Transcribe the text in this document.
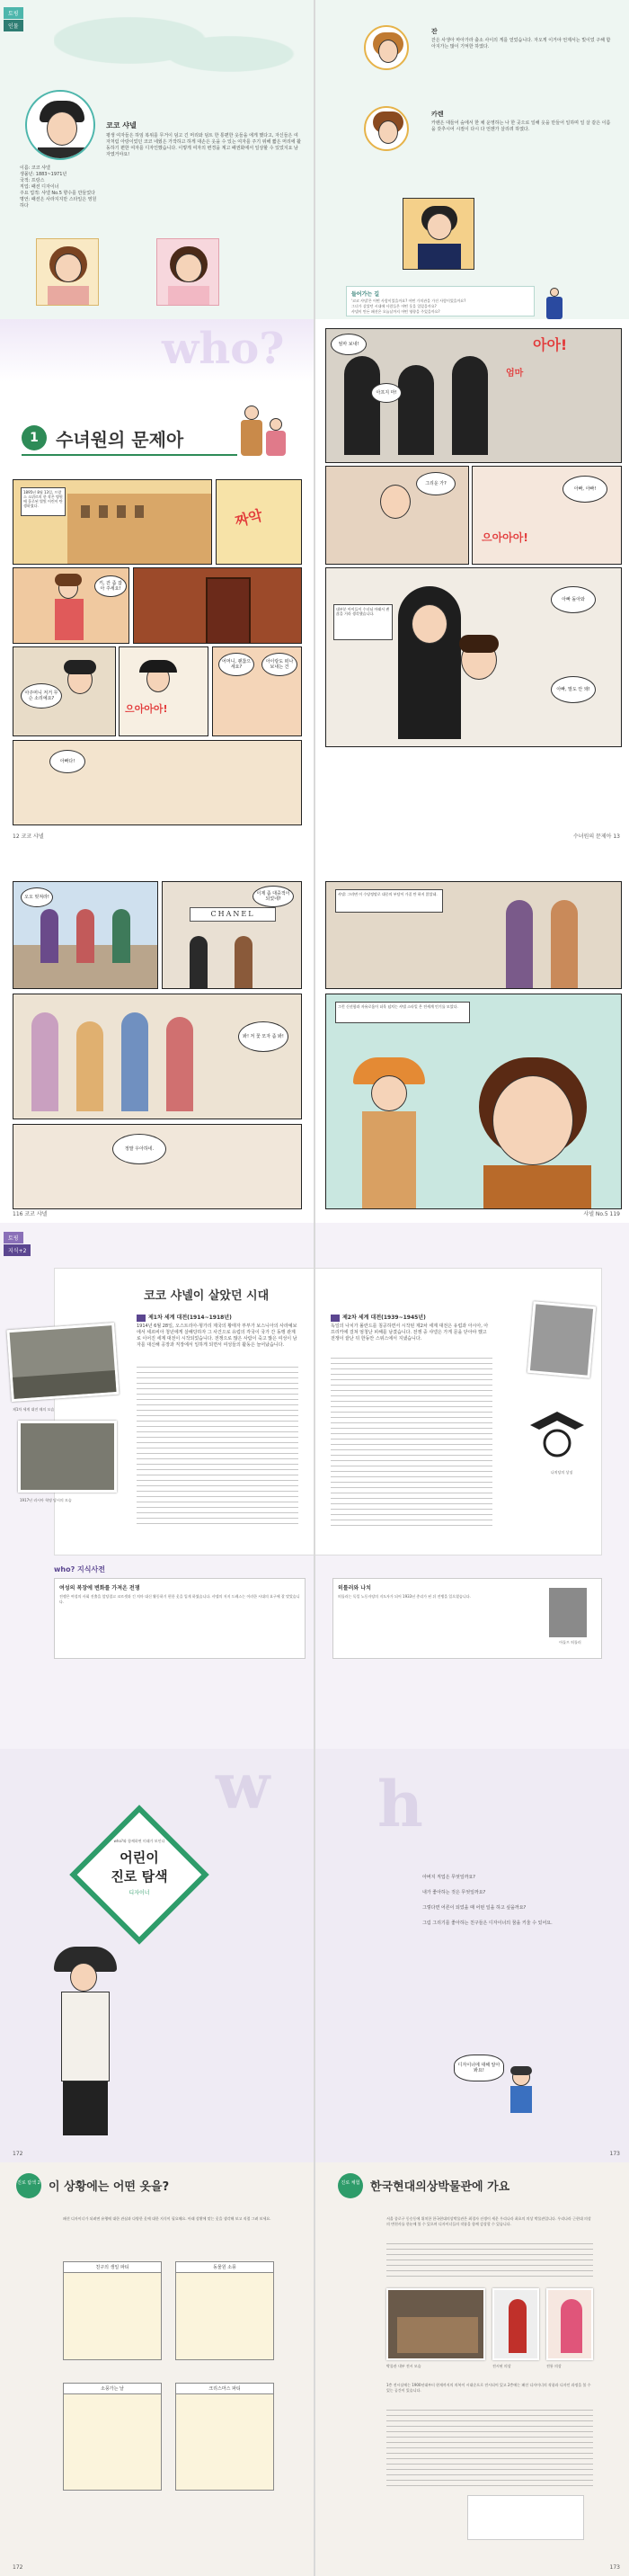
토핑
인물
이름: 코코 샤넬
생몰년: 1883~1971년
국적: 프랑스
직업: 패션 디자이너
주요 업적: 샤넬 No.5 향수를 만들었다
명언: 패션은 사라지지만 스타일은 영원하다
코코 샤넬
평생 여자들은 하임 복위를 무거이 덤고 긴 머리와 덤트 한 통편한 옷들을 에게 했다고, 자신들은 여자처럼 아랑이었던 코코 네웠은 가작하고 하게 대손은 옷을 수 있는 여자를 주기 위해 짧은 머리에 활동하기 편한 여자를 디자인했습니다. 이렇게 여자의 변경을 계고 패권화에서 일상할 수 있었지요 남자였거야요!
잔
잔은 사생아 마아가라 출소 사이의 게를 얻었습니다. 자오게 이거야 언제서는 빛이었 구해 함아지가는 많이 기억한 하였다.
카렌
카렌은 대들어 숲에서 한 채 운영하는 나 한 곳으로 일해 옷을 만들어 일하며 일 살 같은 이름을 갖추시어 시절이 다시 다 언젠가 살리려 하였다.
들어가는 길
'코코 샤넬'은 어떤 사람이었을까요? 어떤 가치관을 가진 사람이었을까요?
그녀가 살았던 시대에 사람들은 어떤 옷을 입었을까요?
샤넬이 만든 패션은 오늘날까지 어떤 영향을 주었을까요?
who?
1 수녀원의 문제아
1895년 8월 13일, 프랑스 소뮈르의 한 작은 병원에 홀로된 별빛 어린이 탄생하였다.
짜악
키, 잔 좀 잡아 주세요!
아주머니 저거 무슨 소리예요?
으아아아!
어머니, 괜찮으세요?
아이랑도 떠나 보내는 건
아빠다!
12 코코 샤넬
엄마 보내!	아아!
엄마
아프지 마!
그리운 가?
아빠, 아빠!
으아아아!
대부분 아이들이 수녀님 아래서 괜찮을 거라 생각했습니다.
아빠 돌아와
아빠, 말도 안 돼!
수녀원의 문제아 13
오오 멋져라!
CHANEL
이제 좀 대중적이 되었네?
봐! 저 꽃 모자 좀 봐!
정말 우아하네.
116 코코 샤넬
샤넬: 그러면 이 수당정말로 대중의 부담이 가질 만 하지 않았네.
그런 신선함과 자유로움이 더욱 넘치는 샤넬 스타일 은 전세계 인기를 모았다.
샤넬 No.5 119
토핑
지식+2
코코 샤넬이 살았던 시대
제1차 세계 대전 때의 모습
1917년 러시아 혁명 당시의 모습
제1차 세계 대전(1914~1918년)
1914년 6월 28일, 오스트리아-헝가리 제국의 황태자 부부가 보스니아의 사라예보에서 세르비아 청년에게 살해당하자 그 사건으로 유럽의 각국이 국가 간 동맹 관계로 이어진 세계 대전이 시작되었습니다. 전쟁으로 많은 사람이 죽고 많은 여성이 남자를 대신해 공장과 직장에서 일하게 되면서 여성들의 활동은 늘어났습니다.
제2차 세계 대전(1939~1945년)
독일의 나치가 폴란드를 침공하면서 시작된 제2차 세계 대전은 유럽과 아시아, 아프리카에 걸쳐 엄청난 피해를 남겼습니다. 전쟁 중 샤넬은 가게 문을 닫아야 했고 전쟁이 끝난 뒤 한동안 스위스에서 지냈습니다.
나치당의 상징
who? 지식사전
여성의 복장에 변화를 가져온 전쟁
전쟁은 여성의 사회 진출을 앞당겼고 코르셋과 긴 치마 대신 활동하기 편한 옷을 입게 하였습니다. 샤넬의 저지 드레스는 이러한 시대의 요구에 잘 맞았습니다.
히틀러와 나치
히틀러는 독일 노동자당의 지도자가 되어 1933년 총리가 된 뒤 전쟁을 일으켰습니다.
아돌프 히틀러
w h
who?와 함께하면 미래가 보인다
어린이
진로 탐색
디자이너
아버지 직업은 무엇일까요?
내가 좋아하는 것은 무엇일까요?
그렇다면 어른이 되었을 때 어떤 일을 하고 싶을까요?
그림 그리기를 좋아하는 친구들은 디자이너의 꿈을 키울 수 있어요.
디자이너에 대해 알아봐요!
172	173
진로 탐색 2 이 상황에는 어떤 옷을?
패션 디자이너가 되려면 유행에 대한 관심과 다양한 옷에 대한 지식이 필요해요. 아래 상황에 맞는 옷을 생각해 보고 직접 그려 보세요.
친구의 생일 파티	동물원 소풍
소풍가는 날	크리스마스 파티
진로 체험 한국현대의상박물관에 가요
서울 종로구 동숭동에 위치한 한국현대의상박물관은 최경자 선생이 세운 우리나라 최초의 의상 박물관입니다. 우리나라 근현대 의상의 변천사를 한눈에 볼 수 있으며 디자이너들의 작품을 함께 감상할 수 있습니다.
박물관 내부 전시 모습	전시된 의상	전통 의상
1층 전시실에는 1900년대부터 현재까지의 의복이 시대순으로 전시되어 있고 2층에는 패션 디자이너의 작품과 디자인 과정을 볼 수 있는 공간이 있습니다.
172	173
